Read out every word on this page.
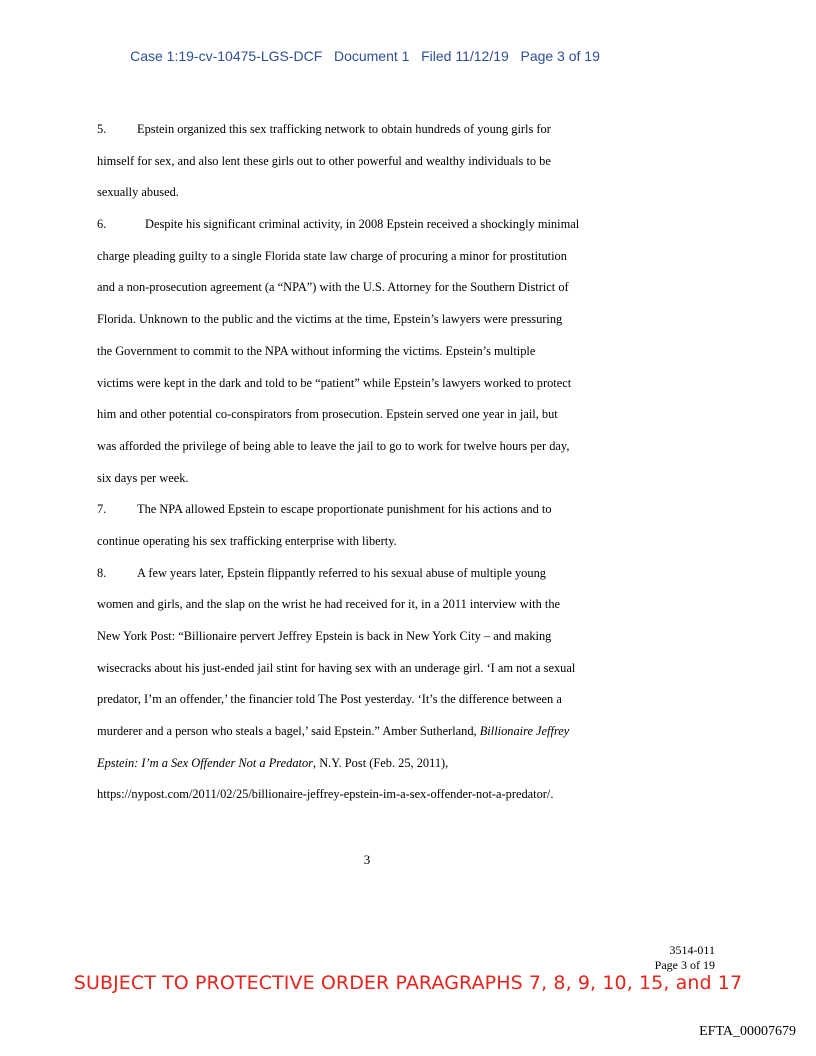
Case 1:19-cv-10475-LGS-DCF   Document 1   Filed 11/12/19   Page 3 of 19
5. Epstein organized this sex trafficking network to obtain hundreds of young girls for
himself for sex, and also lent these girls out to other powerful and wealthy individuals to be
sexually abused.
6.	Despite his significant criminal activity, in 2008 Epstein received a shockingly minimal
charge pleading guilty to a single Florida state law charge of procuring a minor for prostitution
and a non-prosecution agreement (a “NPA”) with the U.S. Attorney for the Southern District of
Florida. Unknown to the public and the victims at the time, Epstein’s lawyers were pressuring
the Government to commit to the NPA without informing the victims. Epstein’s multiple
victims were kept in the dark and told to be “patient” while Epstein’s lawyers worked to protect
him and other potential co-conspirators from prosecution. Epstein served one year in jail, but
was afforded the privilege of being able to leave the jail to go to work for twelve hours per day,
six days per week.
7. The NPA allowed Epstein to escape proportionate punishment for his actions and to
continue operating his sex trafficking enterprise with liberty.
8. A few years later, Epstein flippantly referred to his sexual abuse of multiple young
women and girls, and the slap on the wrist he had received for it, in a 2011 interview with the
New York Post: “Billionaire pervert Jeffrey Epstein is back in New York City – and making
wisecracks about his just-ended jail stint for having sex with an underage girl. ‘I am not a sexual
predator, I’m an offender,’ the financier told The Post yesterday. ‘It’s the difference between a
murderer and a person who steals a bagel,’ said Epstein.” Amber Sutherland, Billionaire Jeffrey
Epstein: I’m a Sex Offender Not a Predator, N.Y. Post (Feb. 25, 2011),
https://nypost.com/2011/02/25/billionaire-jeffrey-epstein-im-a-sex-offender-not-a-predator/.
3
3514-011
Page 3 of 19
SUBJECT TO PROTECTIVE ORDER PARAGRAPHS 7, 8, 9, 10, 15, and 17
EFTA_00007679
